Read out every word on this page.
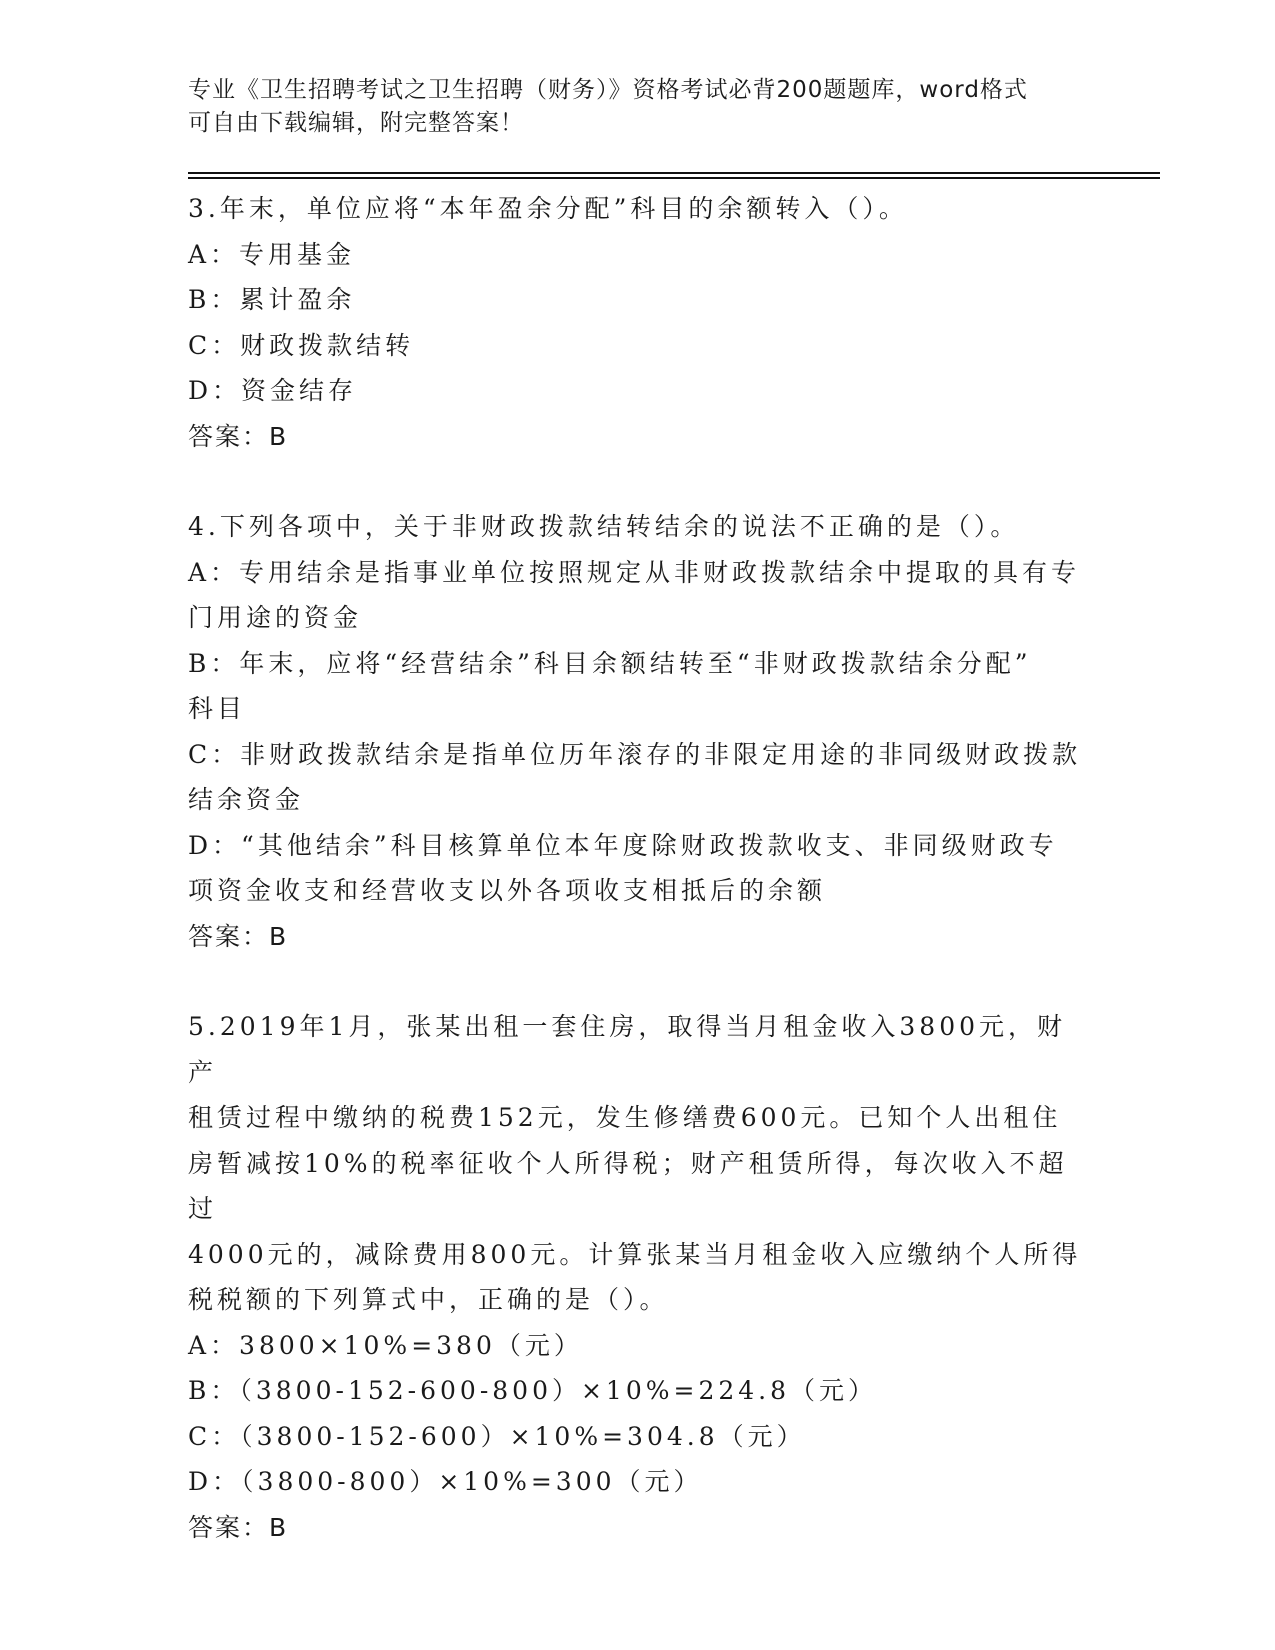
专业《卫生招聘考试之卫生招聘（财务）》资格考试必背200题题库，word格式
可自由下载编辑，附完整答案！
3.年末，单位应将“本年盈余分配”科目的余额转入（）。
A：专用基金
B：累计盈余
C：财政拨款结转
D：资金结存
答案：B
4.下列各项中，关于非财政拨款结转结余的说法不正确的是（）。
A：专用结余是指事业单位按照规定从非财政拨款结余中提取的具有专
门用途的资金
B：年末，应将“经营结余”科目余额结转至“非财政拨款结余分配”
科目
C：非财政拨款结余是指单位历年滚存的非限定用途的非同级财政拨款
结余资金
D：“其他结余”科目核算单位本年度除财政拨款收支、非同级财政专
项资金收支和经营收支以外各项收支相抵后的余额
答案：B
5.2019年1月，张某出租一套住房，取得当月租金收入3800元，财产
租赁过程中缴纳的税费152元，发生修缮费600元。已知个人出租住
房暂减按10%的税率征收个人所得税；财产租赁所得，每次收入不超过
4000元的，减除费用800元。计算张某当月租金收入应缴纳个人所得
税税额的下列算式中，正确的是（）。
A：3800×10%=380（元）
B：（3800-152-600-800）×10%=224.8（元）
C：（3800-152-600）×10%=304.8（元）
D：（3800-800）×10%=300（元）
答案：B
